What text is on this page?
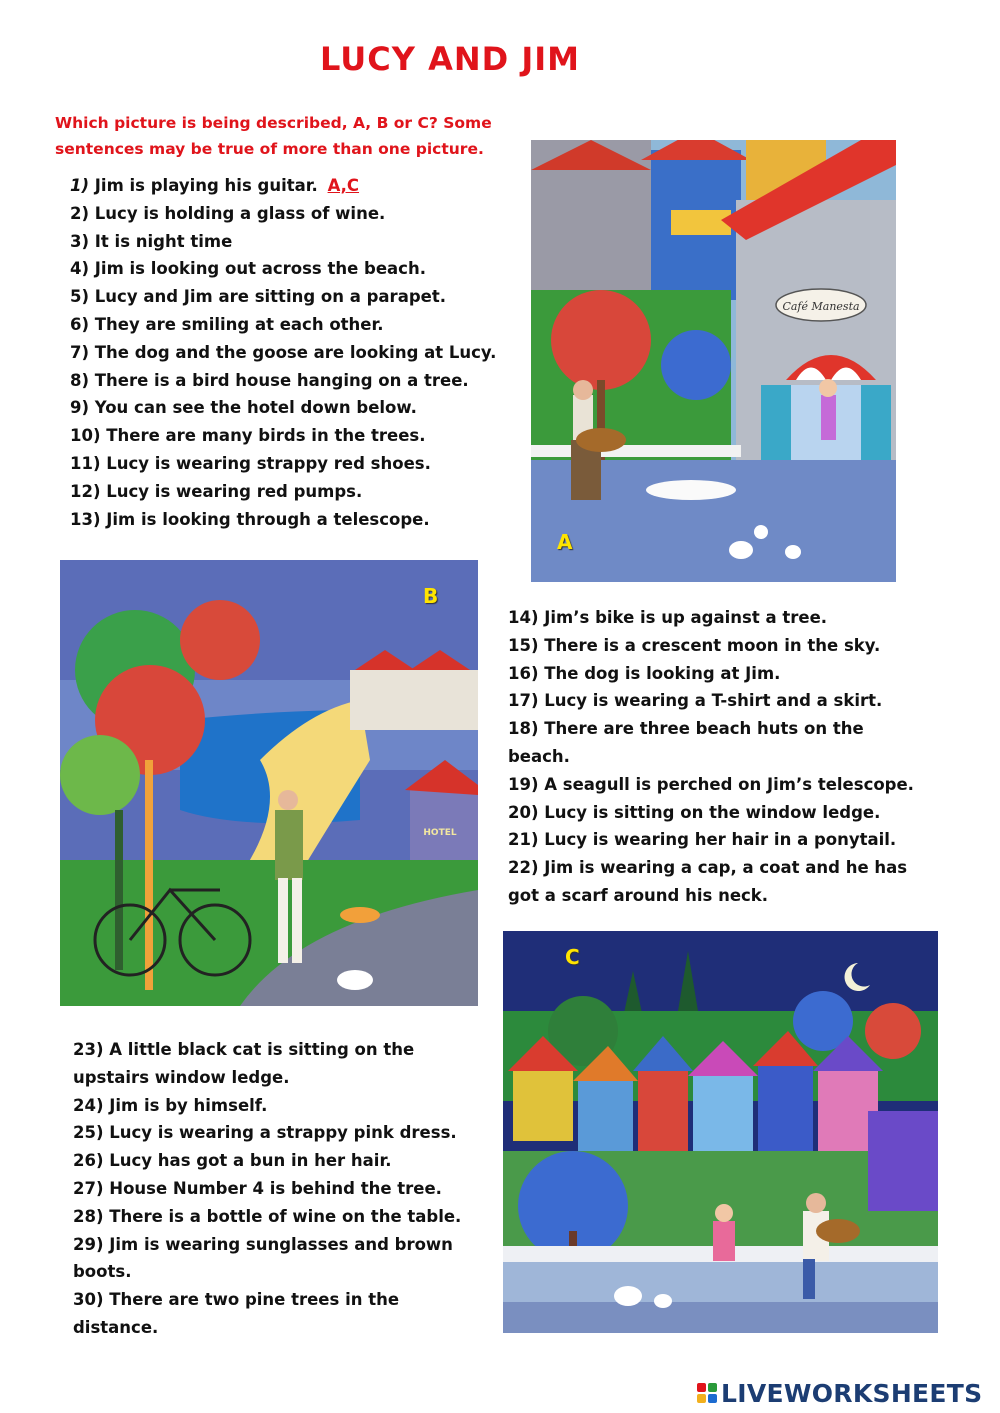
LUCY AND JIM
Which picture is being described, A, B or C? Some sentences may be true of more than one picture.
1) Jim is playing his guitar. A,C
2) Lucy is holding a glass of wine.
3) It is night time
4) Jim is looking out across the beach.
5) Lucy and Jim are sitting on a parapet.
6) They are smiling at each other.
7) The dog and the goose are looking at Lucy.
8) There is a bird house hanging on a tree.
9) You can see the hotel down below.
10) There are many birds in the trees.
11) Lucy is wearing strappy red shoes.
12) Lucy is wearing red pumps.
13) Jim is looking through a telescope.
14) Jim’s bike is up against a tree.
15) There is a crescent moon in the sky.
16) The dog is looking at Jim.
17) Lucy is wearing a T-shirt and a skirt.
18) There are three beach huts on the beach.
19) A seagull is perched on Jim’s telescope.
20) Lucy is sitting on the window ledge.
21) Lucy is wearing her hair in a ponytail.
22) Jim is wearing a cap, a coat and he has got a scarf around his neck.
23) A little black cat is sitting on the upstairs window ledge.
24) Jim is by himself.
25) Lucy is wearing a strappy pink dress.
26) Lucy has got a bun in her hair.
27) House Number 4 is behind the tree.
28) There is a bottle of wine on the table.
29) Jim is wearing sunglasses and brown boots.
30) There are two pine trees in the distance.
Café Manesta
A
HOTEL
B
C
LIVEWORKSHEETS
